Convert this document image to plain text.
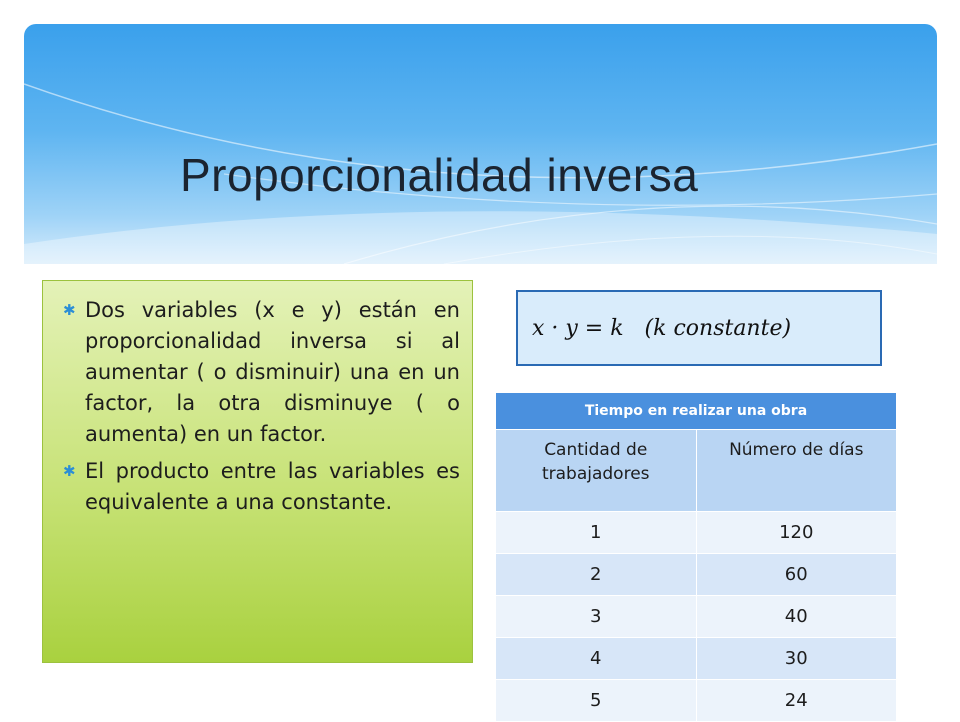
Proporcionalidad inversa
✱ Dos variables (x e y) están en proporcionalidad inversa si al aumentar ( o disminuir) una en un factor, la otra disminuye ( o aumenta) en un factor.
✱ El producto entre las variables es equivalente a una constante.
x · y = k   (k constante)
Tiempo en realizar una obra	
Cantidad de trabajadores	Número de días
1	120
2	60
3	40
4	30
5	24
